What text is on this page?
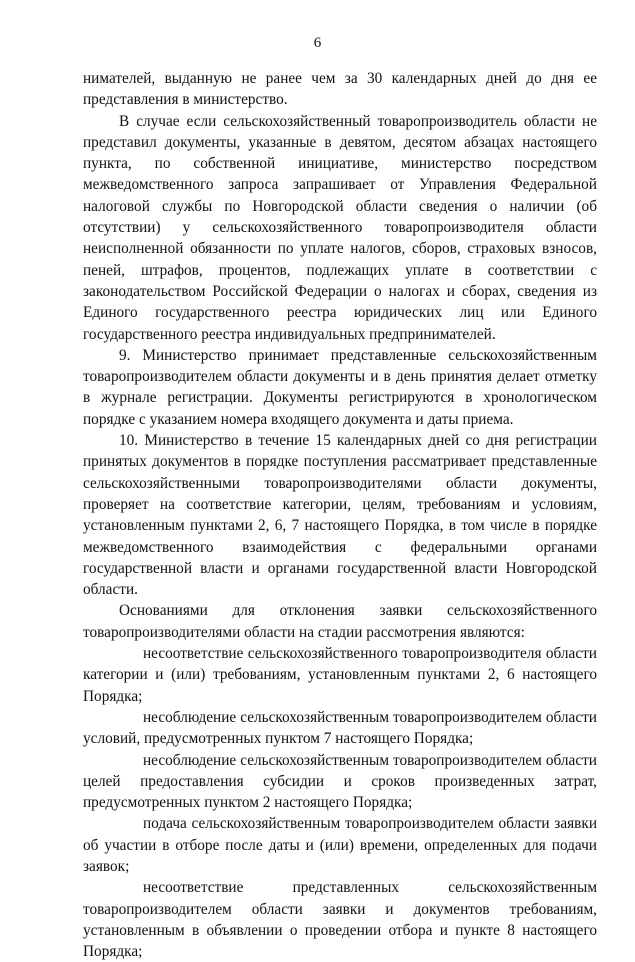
6

ниматeлей, выданную не ранее чем за 30 календарных дней до дня ее представления в министерство.

В случае если сельскохозяйственный товаропроизводитель области не представил документы, указанные в девятом, десятом абзацах настоящего пункта, по собственной инициативе, министерство посредством межведомственного запроса запрашивает от Управления Федеральной налоговой службы по Новгородской области сведения о наличии (об отсутствии) у сельскохозяйственного товаропроизводителя области неисполненной обязанности по уплате налогов, сборов, страховых взносов, пеней, штрафов, процентов, подлежащих уплате в соответствии с законодательством Российской Федерации о налогах и сборах, сведения из Единого государственного реестра юридических лиц или Единого государственного реестра индивидуальных предпринимателей.

9. Министерство принимает представленные сельскохозяйственным товаропроизводителем области документы и в день принятия делает отметку в журнале регистрации. Документы регистрируются в хронологическом порядке с указанием номера входящего документа и даты приема.

10. Министерство в течение 15 календарных дней со дня регистрации принятых документов в порядке поступления рассматривает представленные сельскохозяйственными товаропроизводителями области документы, проверяет на соответствие категории, целям, требованиям и условиям, установленным пунктами 2, 6, 7 настоящего Порядка, в том числе в порядке межведомственного взаимодействия с федеральными органами государственной власти и органами государственной власти Новгородской области.

Основаниями для отклонения заявки сельскохозяйственного товаропроизводителями области на стадии рассмотрения являются:

несоответствие сельскохозяйственного товаропроизводителя области категории и (или) требованиям, установленным пунктами 2, 6 настоящего Порядка;

несоблюдение сельскохозяйственным товаропроизводителем области условий, предусмотренных пунктом 7 настоящего Порядка;

несоблюдение сельскохозяйственным товаропроизводителем области целей предоставления субсидии и сроков произведенных затрат, предусмотренных пунктом 2 настоящего Порядка;

подача сельскохозяйственным товаропроизводителем области заявки об участии в отборе после даты и (или) времени, определенных для подачи заявок;

несоответствие представленных сельскохозяйственным товаропроизводителем области заявки и документов требованиям, установленным в объявлении о проведении отбора и пункте 8 настоящего Порядка;
